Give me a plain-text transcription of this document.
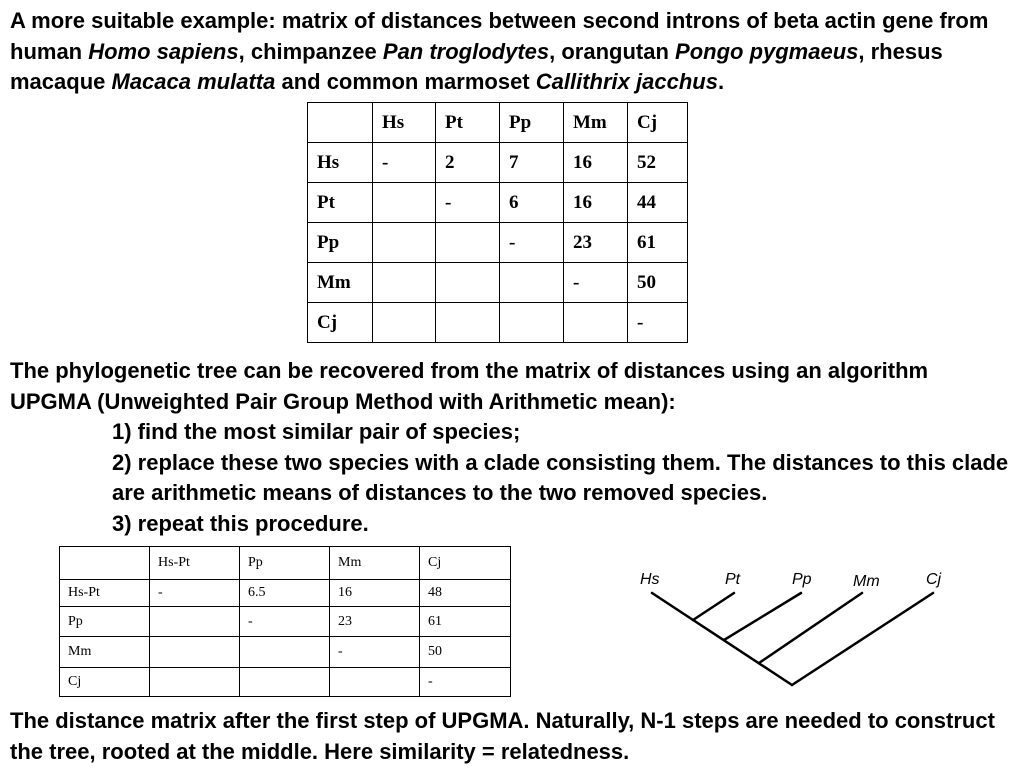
A more suitable example: matrix of distances between second introns of beta actin gene from human Homo sapiens, chimpanzee Pan troglodytes, orangutan Pongo pygmaeus, rhesus macaque Macaca mulatta and common marmoset Callithrix jacchus.

	Hs	Pt	Pp	Mm	Cj
Hs	-	2	7	16	52
Pt		-	6	16	44
Pp			-	23	61
Mm				-	50
Cj					-
The phylogenetic tree can be recovered from the matrix of distances using an algorithm UPGMA (Unweighted Pair Group Method with Arithmetic mean):
1) find the most similar pair of species;
2) replace these two species with a clade consisting them. The distances to this clade are arithmetic means of distances to the two removed species.
3) repeat this procedure.
	Hs-Pt	Pp	Mm	Cj
Hs-Pt	-	6.5	16	48
Pp		-	23	61
Mm			-	50
Cj				-
Hs	Pt	Pp	Mm	Cj

The distance matrix after the first step of UPGMA. Naturally, N-1 steps are needed to construct the tree, rooted at the middle. Here similarity = relatedness.
